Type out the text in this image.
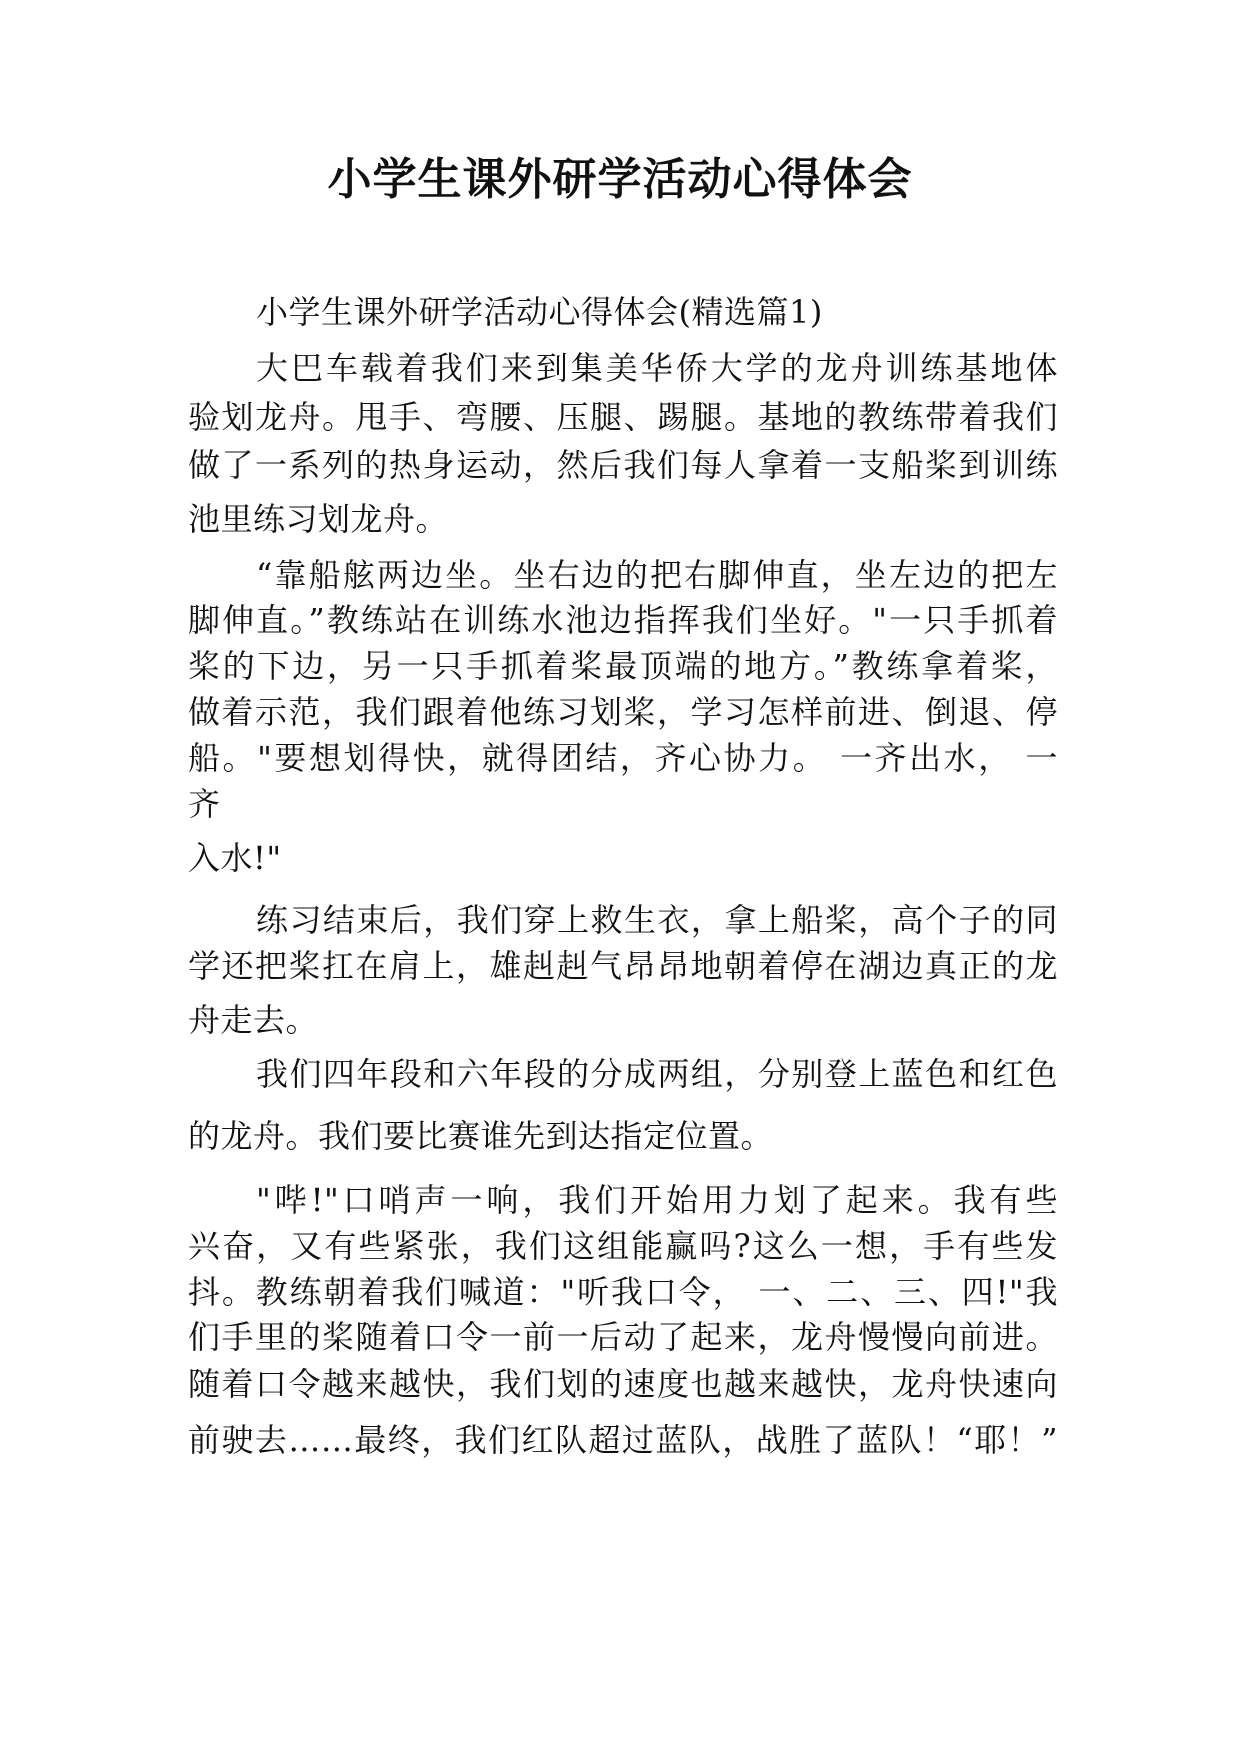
小学生课外研学活动心得体会
小学生课外研学活动心得体会(精选篇1)
大巴车载着我们来到集美华侨大学的龙舟训练基地体
验划龙舟。甩手、弯腰、压腿、踢腿。基地的教练带着我们
做了一系列的热身运动，然后我们每人拿着一支船桨到训练
池里练习划龙舟。
“靠船舷两边坐。坐右边的把右脚伸直，坐左边的把左
脚伸直。”教练站在训练水池边指挥我们坐好。"一只手抓着
桨的下边，另一只手抓着桨最顶端的地方。”教练拿着桨，
做着示范，我们跟着他练习划桨，学习怎样前进、倒退、停
船。"要想划得快，就得团结，齐心协力。 一齐出水， 一
齐
入水!"
练习结束后，我们穿上救生衣，拿上船桨，高个子的同
学还把桨扛在肩上，雄赳赳气昂昂地朝着停在湖边真正的龙
舟走去。
我们四年段和六年段的分成两组，分别登上蓝色和红色
的龙舟。我们要比赛谁先到达指定位置。
"哔!"口哨声一响，我们开始用力划了起来。我有些
兴奋，又有些紧张，我们这组能赢吗?这么一想，手有些发
抖。教练朝着我们喊道："听我口令， 一、二、三、四!"我
们手里的桨随着口令一前一后动了起来，龙舟慢慢向前进。
随着口令越来越快，我们划的速度也越来越快，龙舟快速向
前驶去……最终，我们红队超过蓝队，战胜了蓝队！“耶！”
